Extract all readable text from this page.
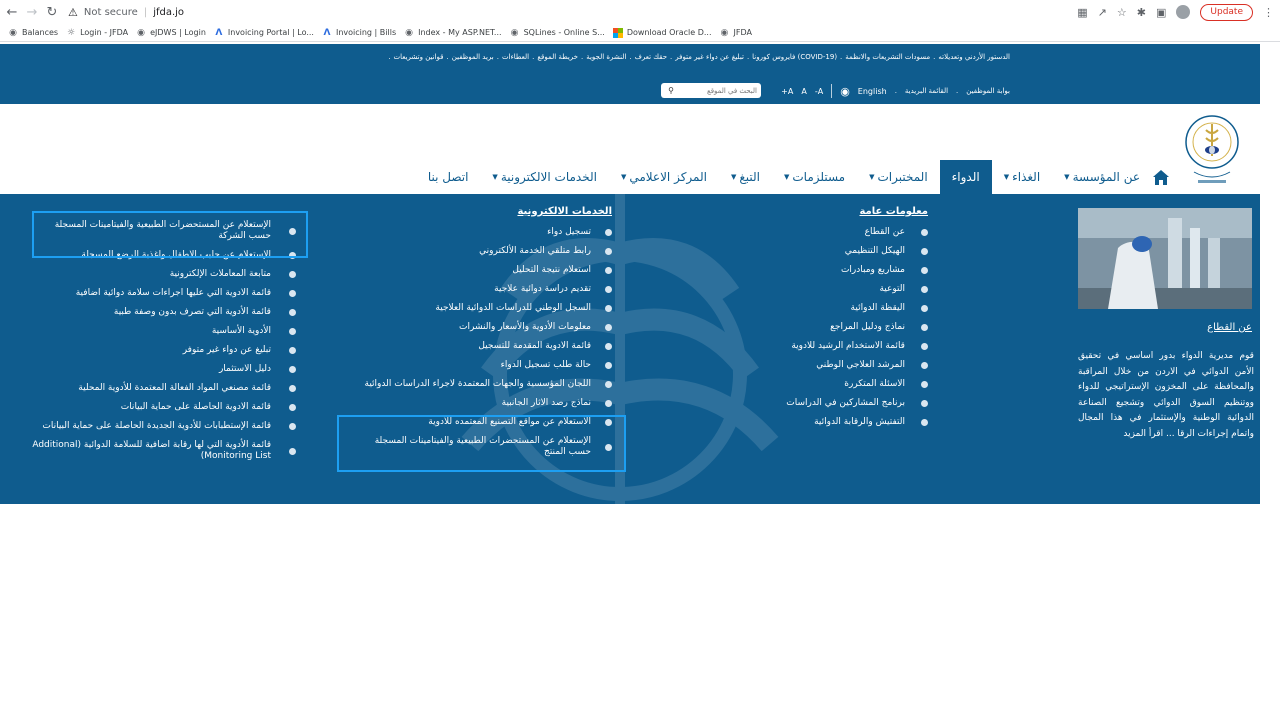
← → ↻ ⚠ Not secure | jfda.jo	▦ ↗ ☆ ✱ ▣	Update	⋮
◉ Balances ☼ Login - JFDA ◉ eJDWS | Login Λ Invoicing Portal | Lo... Λ Invoicing | Bills ◉ Index - My ASP.NET... ◉ SQLines - Online S...	Download Oracle D... ◉ JFDA
الدستور الأردني وتعديلاته
.
مسودات التشريعات والانظمة
.
(COVID-19) فايروس كورونا
.
تبليغ عن دواء غير متوفر
.
حقك تعرف
.
النشرة الجوية
.
خريطة الموقع
.
العطاءات
.
بريد الموظفين
.
قوانين وتشريعات
.
بوابة الموظفين
.
القائمة البريدية
.
English
◉
A-
A
A+
البحث في الموقع
⚲
عن المؤسسة
▼
الغذاء
▼
الدواء
المختبرات
▼
مستلزمات
▼
التبغ
▼
المركز الاعلامي
▼
الخدمات الالكترونية
▼
اتصل بنا
معلومات عامة
عن القطاع
الهيكل التنظيمي
مشاريع ومبادرات
التوعية
اليقظة الدوائية
نماذج ودليل المراجع
قائمة الاستخدام الرشيد للادوية
المرشد العلاجي الوطني
الاسئلة المتكررة
برنامج المشاركين في الدراسات
التفتيش والرقابة الدوائية
الخدمات الالكترونية
تسجيل دواء
رابط متلقي الخدمة الألكتروني
استعلام نتيجة التحليل
تقديم دراسة دوائية علاجية
السجل الوطني للدراسات الدوائية العلاجية
معلومات الأدوية والأسعار والنشرات
قائمة الادوية المقدمة للتسجيل
حالة طلب تسجيل الدواء
اللجان المؤسسية والجهات المعتمدة لاجراء الدراسات الدوائية
نماذج رصد الاثار الجانبية
الاستعلام عن مواقع التصنيع المعتمده للأدوية
الإستعلام عن المستحضرات الطبيعية والفيتامينات المسجلة حسب المنتج
الإستعلام عن المستحضرات الطبيعية والفيتامينات المسجلة حسب الشركة
الإستعلام عن حليب الاطفال واغذية الرضع المسجلة
متابعة المعاملات الإلكترونية
قائمة الادوية التي عليها اجراءات سلامة دوائية اضافية
قائمة الأدوية التي تصرف بدون وصفة طبية
الأدوية الأساسية
تبليغ عن دواء غير متوفر
دليل الاستثمار
قائمة مصنعي المواد الفعالة المعتمدة للأدوية المحلية
قائمة الادوية الحاصلة على حماية البيانات
قائمة الإستطبابات للأدوية الجديدة الحاصلة على حماية البيانات
قائمة الأدوية التي لها رقابة اضافية للسلامة الدوائية (Additional Monitoring List)
عن القطاع
قوم مديرية الدواء بدور اساسي في تحقيق الأمن الدوائي في الاردن من خلال المراقبة والمحافظة على المخزون الإستراتيجي للدواء ووتنظيم السوق الدوائي وتشجيع الصناعة الدوائية الوطنية والإستثمار في هذا المجال واتمام إجراءات الرقا ... اقرأ المزيد
